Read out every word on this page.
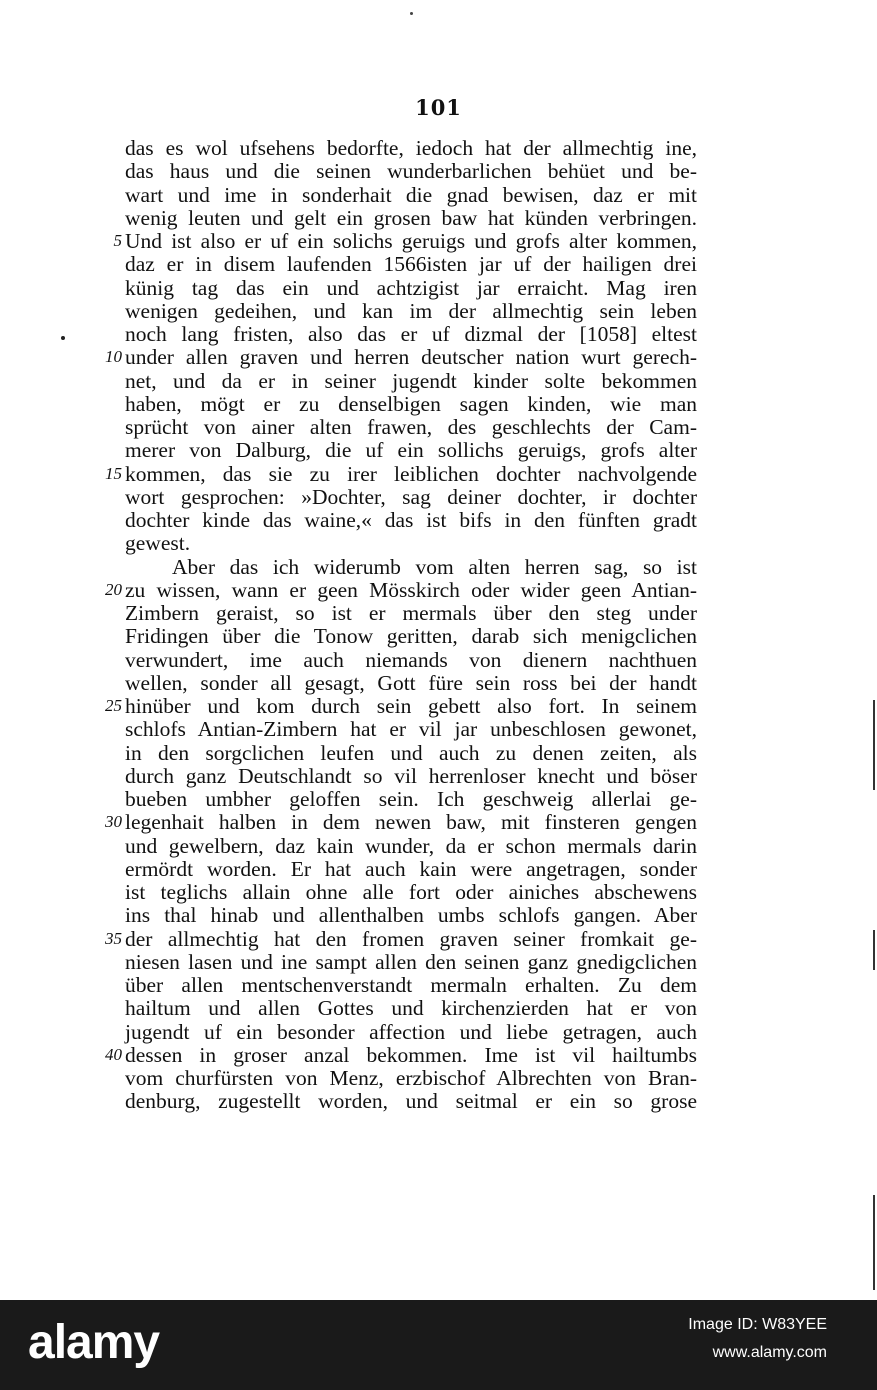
101
das es wol ufsehens bedorfte, iedoch hat der allmechtig ine,
das haus und die seinen wunderbarlichen behüet und be-
wart und ime in sonderhait die gnad bewisen, daz er mit
wenig leuten und gelt ein grosen baw hat künden verbringen.
5 Und ist also er uf ein solichs geruigs und grofs alter kommen,
daz er in disem laufenden 1566isten jar uf der hailigen drei
künig tag das ein und achtzigist jar erraicht. Mag iren
wenigen gedeihen, und kan im der allmechtig sein leben
noch lang fristen, also das er uf dizmal der [1058] eltest
10 under allen graven und herren deutscher nation wurt gerech-
net, und da er in seiner jugendt kinder solte bekommen
haben, mögt er zu denselbigen sagen kinden, wie man
sprücht von ainer alten frawen, des geschlechts der Cam-
merer von Dalburg, die uf ein sollichs geruigs, grofs alter
15 kommen, das sie zu irer leiblichen dochter nachvolgende
wort gesprochen: »Dochter, sag deiner dochter, ir dochter
dochter kinde das waine,« das ist bifs in den fünften gradt
gewest.
Aber das ich widerumb vom alten herren sag, so ist
20 zu wissen, wann er geen Mösskirch oder wider geen Antian-
Zimbern geraist, so ist er mermals über den steg under
Fridingen über die Tonow geritten, darab sich menigclichen
verwundert, ime auch niemands von dienern nachthuen
wellen, sonder all gesagt, Gott füre sein ross bei der handt
25 hinüber und kom durch sein gebett also fort. In seinem
schlofs Antian-Zimbern hat er vil jar unbeschlosen gewonet,
in den sorgclichen leufen und auch zu denen zeiten, als
durch ganz Deutschlandt so vil herrenloser knecht und böser
bueben umbher geloffen sein. Ich geschweig allerlai ge-
30 legenhait halben in dem newen baw, mit finsteren gengen
und gewelbern, daz kain wunder, da er schon mermals darin
ermördt worden. Er hat auch kain were angetragen, sonder
ist teglichs allain ohne alle fort oder ainiches abschewens
ins thal hinab und allenthalben umbs schlofs gangen. Aber
35 der allmechtig hat den fromen graven seiner fromkait ge-
niesen lasen und ine sampt allen den seinen ganz gnedigclichen
über allen mentschenverstandt mermaln erhalten. Zu dem
hailtum und allen Gottes und kirchenzierden hat er von
jugendt uf ein besonder affection und liebe getragen, auch
40 dessen in groser anzal bekommen. Ime ist vil hailtumbs
vom churfürsten von Menz, erzbischof Albrechten von Bran-
denburg, zugestellt worden, und seitmal er ein so grose
alamy	Image ID: W83YEE
www.alamy.com
